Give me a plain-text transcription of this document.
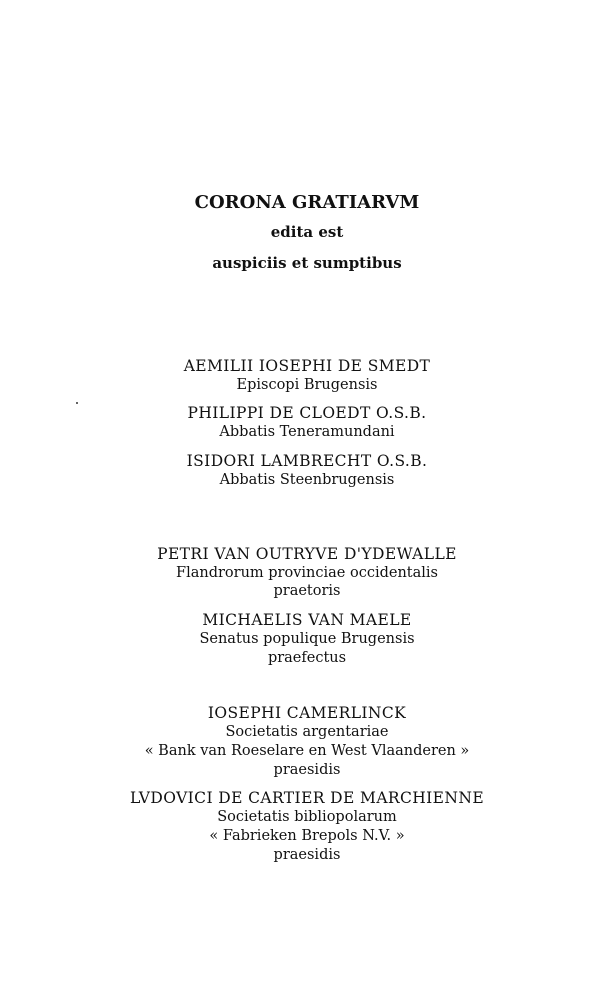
CORONA GRATIARVM
edita est
auspiciis et sumptibus
AEMILII IOSEPHI DE SMEDT
Episcopi Brugensis
PHILIPPI DE CLOEDT O.S.B.
Abbatis Teneramundani
ISIDORI LAMBRECHT O.S.B.
Abbatis Steenbrugensis
PETRI VAN OUTRYVE D'YDEWALLE
Flandrorum provinciae occidentalis
praetoris
MICHAELIS VAN MAELE
Senatus populique Brugensis
praefectus
IOSEPHI CAMERLINCK
Societatis argentariae
« Bank van Roeselare en West Vlaanderen »
praesidis
LVDOVICI DE CARTIER DE MARCHIENNE
Societatis bibliopolarum
« Fabrieken Brepols N.V. »
praesidis
